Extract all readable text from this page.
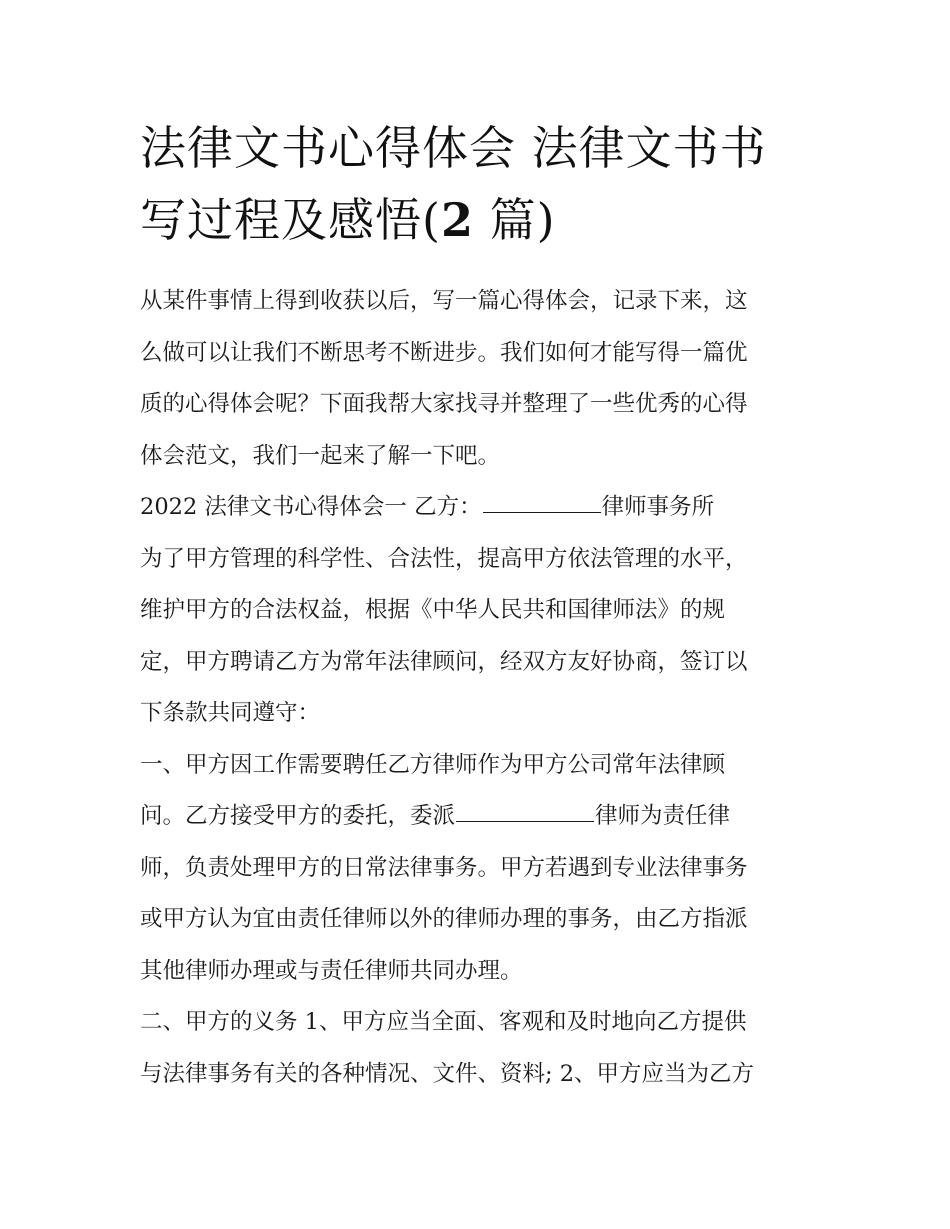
法律文书心得体会 法律文书书
写过程及感悟(2 篇)
从某件事情上得到收获以后，写一篇心得体会，记录下来，这
么做可以让我们不断思考不断进步。我们如何才能写得一篇优
质的心得体会呢？下面我帮大家找寻并整理了一些优秀的心得
体会范文，我们一起来了解一下吧。
2022 法律文书心得体会一 乙方：	律师事务所
为了甲方管理的科学性、合法性，提高甲方依法管理的水平，
维护甲方的合法权益，根据《中华人民共和国律师法》的规
定，甲方聘请乙方为常年法律顾问，经双方友好协商，签订以
下条款共同遵守：
一、甲方因工作需要聘任乙方律师作为甲方公司常年法律顾
问。乙方接受甲方的委托，委派	律师为责任律
师，负责处理甲方的日常法律事务。甲方若遇到专业法律事务
或甲方认为宜由责任律师以外的律师办理的事务，由乙方指派
其他律师办理或与责任律师共同办理。
二、甲方的义务 1、甲方应当全面、客观和及时地向乙方提供
与法律事务有关的各种情况、文件、资料; 2、甲方应当为乙方
